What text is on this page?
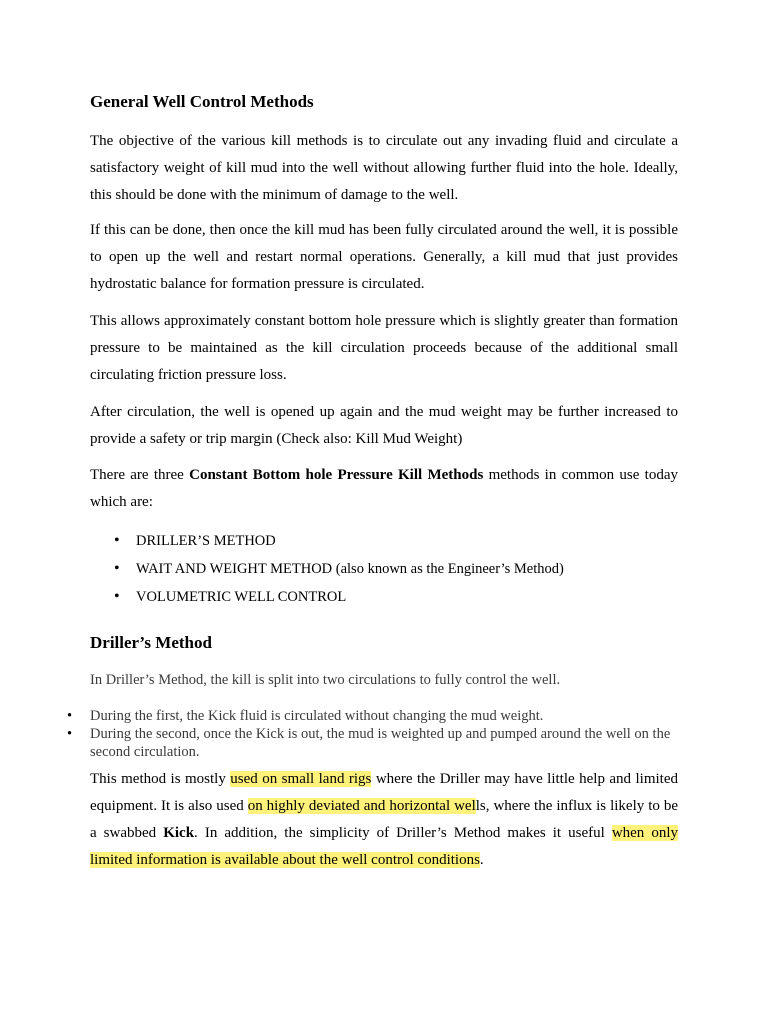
General Well Control Methods

The objective of the various kill methods is to circulate out any invading fluid and circulate a satisfactory weight of kill mud into the well without allowing further fluid into the hole. Ideally, this should be done with the minimum of damage to the well.

If this can be done, then once the kill mud has been fully circulated around the well, it is possible to open up the well and restart normal operations. Generally, a kill mud that just provides hydrostatic balance for formation pressure is circulated.

This allows approximately constant bottom hole pressure which is slightly greater than formation pressure to be maintained as the kill circulation proceeds because of the additional small circulating friction pressure loss.

After circulation, the well is opened up again and the mud weight may be further increased to provide a safety or trip margin (Check also: Kill Mud Weight)

There are three Constant Bottom hole Pressure Kill Methods methods in common use today which are:

• DRILLER’S METHOD
• WAIT AND WEIGHT METHOD (also known as the Engineer’s Method)
• VOLUMETRIC WELL CONTROL
Driller’s Method

In Driller’s Method, the kill is split into two circulations to fully control the well.

• During the first, the Kick fluid is circulated without changing the mud weight.
• During the second, once the Kick is out, the mud is weighted up and pumped around the well on the second circulation.

This method is mostly used on small land rigs where the Driller may have little help and limited equipment. It is also used on highly deviated and horizontal wells, where the influx is likely to be a swabbed Kick. In addition, the simplicity of Driller’s Method makes it useful when only limited information is available about the well control conditions.
